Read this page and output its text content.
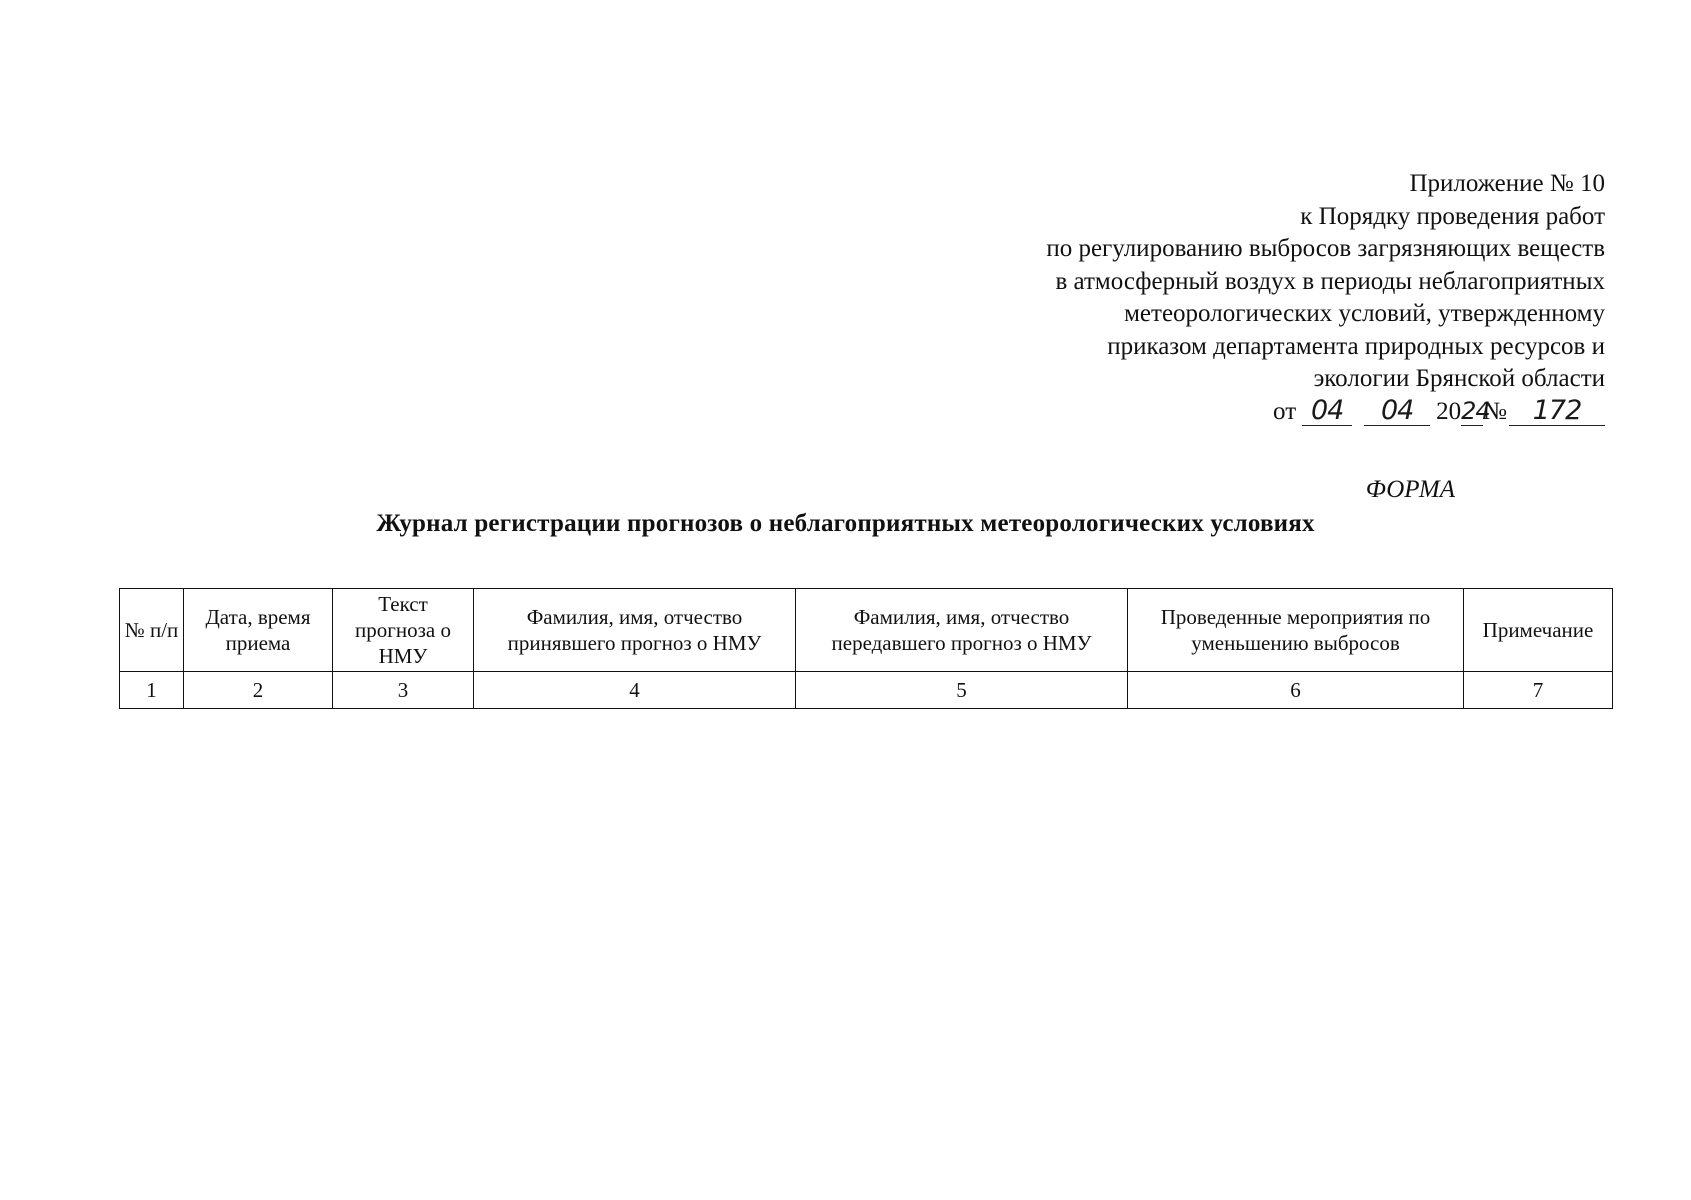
Приложение № 10
к Порядку проведения работ
по регулированию выбросов загрязняющих веществ
в атмосферный воздух в периоды неблагоприятных
метеорологических условий, утвержденному
приказом департамента природных ресурсов и
экологии Брянской области
от 04 04 2024№ 172
ФОРМА
Журнал регистрации прогнозов о неблагоприятных метеорологических условиях
№ п/п	Дата, время приема	Текст прогноза о НМУ	Фамилия, имя, отчество принявшего прогноз о НМУ	Фамилия, имя, отчество передавшего прогноз о НМУ	Проведенные мероприятия по уменьшению выбросов	Примечание
1	2	3	4	5	6	7
